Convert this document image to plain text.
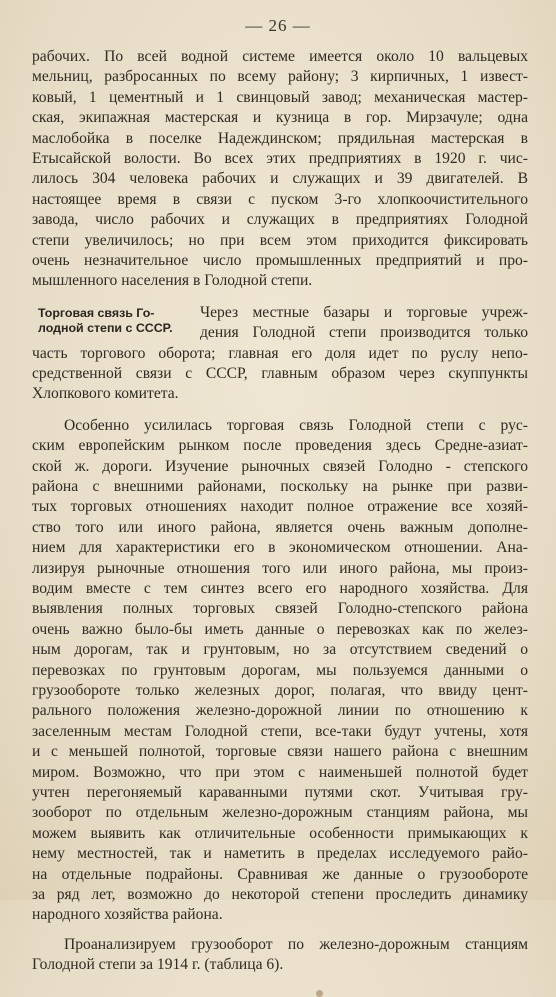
— 26 —
рабочих. По всей водной системе имеется около 10 вальцевых
мельниц, разбросанных по всему району; 3 кирпичных, 1 извест-
ковый, 1 цементный и 1 свинцовый завод; механическая мастер-
ская, экипажная мастерская и кузница в гор. Мирзачуле; одна
маслобойка в поселке Надеждинском; прядильная мастерская в
Етысайской волости. Во всех этих предприятиях в 1920 г. чис-
лилось 304 человека рабочих и служащих и 39 двигателей. В
настоящее время в связи с пуском 3-го хлопкоочистительного
завода, число рабочих и служащих в предприятиях Голодной
степи увеличилось; но при всем этом приходится фиксировать
очень незначительное число промышленных предприятий и про-
мышленного населения в Голодной степи.
Торговая связь Го-
лодной степи с СССР.
Через местные базары и торговые учреж-
дения Голодной степи производится только
часть торгового оборота; главная его доля идет по руслу непо-
средственной связи с СССР, главным образом через скуппункты
Хлопкового комитета.
Особенно усилилась торговая связь Голодной степи с рус-
ским европейским рынком после проведения здесь Средне-азиат-
ской ж. дороги. Изучение рыночных связей Голодно - степского
района с внешними районами, поскольку на рынке при разви-
тых торговых отношениях находит полное отражение все хозяй-
ство того или иного района, является очень важным дополне-
нием для характеристики его в экономическом отношении. Ана-
лизируя рыночные отношения того или иного района, мы произ-
водим вместе с тем синтез всего его народного хозяйства. Для
выявления полных торговых связей Голодно-степского района
очень важно было-бы иметь данные о перевозках как по желез-
ным дорогам, так и грунтовым, но за отсутствием сведений о
перевозках по грунтовым дорогам, мы пользуемся данными о
грузообороте только железных дорог, полагая, что ввиду цент-
рального положения железно-дорожной линии по отношению к
заселенным местам Голодной степи, все-таки будут учтены, хотя
и с меньшей полнотой, торговые связи нашего района с внешним
миром. Возможно, что при этом с наименьшей полнотой будет
учтен перегоняемый караванными путями скот. Учитывая гру-
зооборот по отдельным железно-дорожным станциям района, мы
можем выявить как отличительные особенности примыкающих к
нему местностей, так и наметить в пределах исследуемого райо-
на отдельные подрайоны. Сравнивая же данные о грузообороте
за ряд лет, возможно до некоторой степени проследить динамику
народного хозяйства района.
Проанализируем грузооборот по железно-дорожным станциям
Голодной степи за 1914 г. (таблица 6).
